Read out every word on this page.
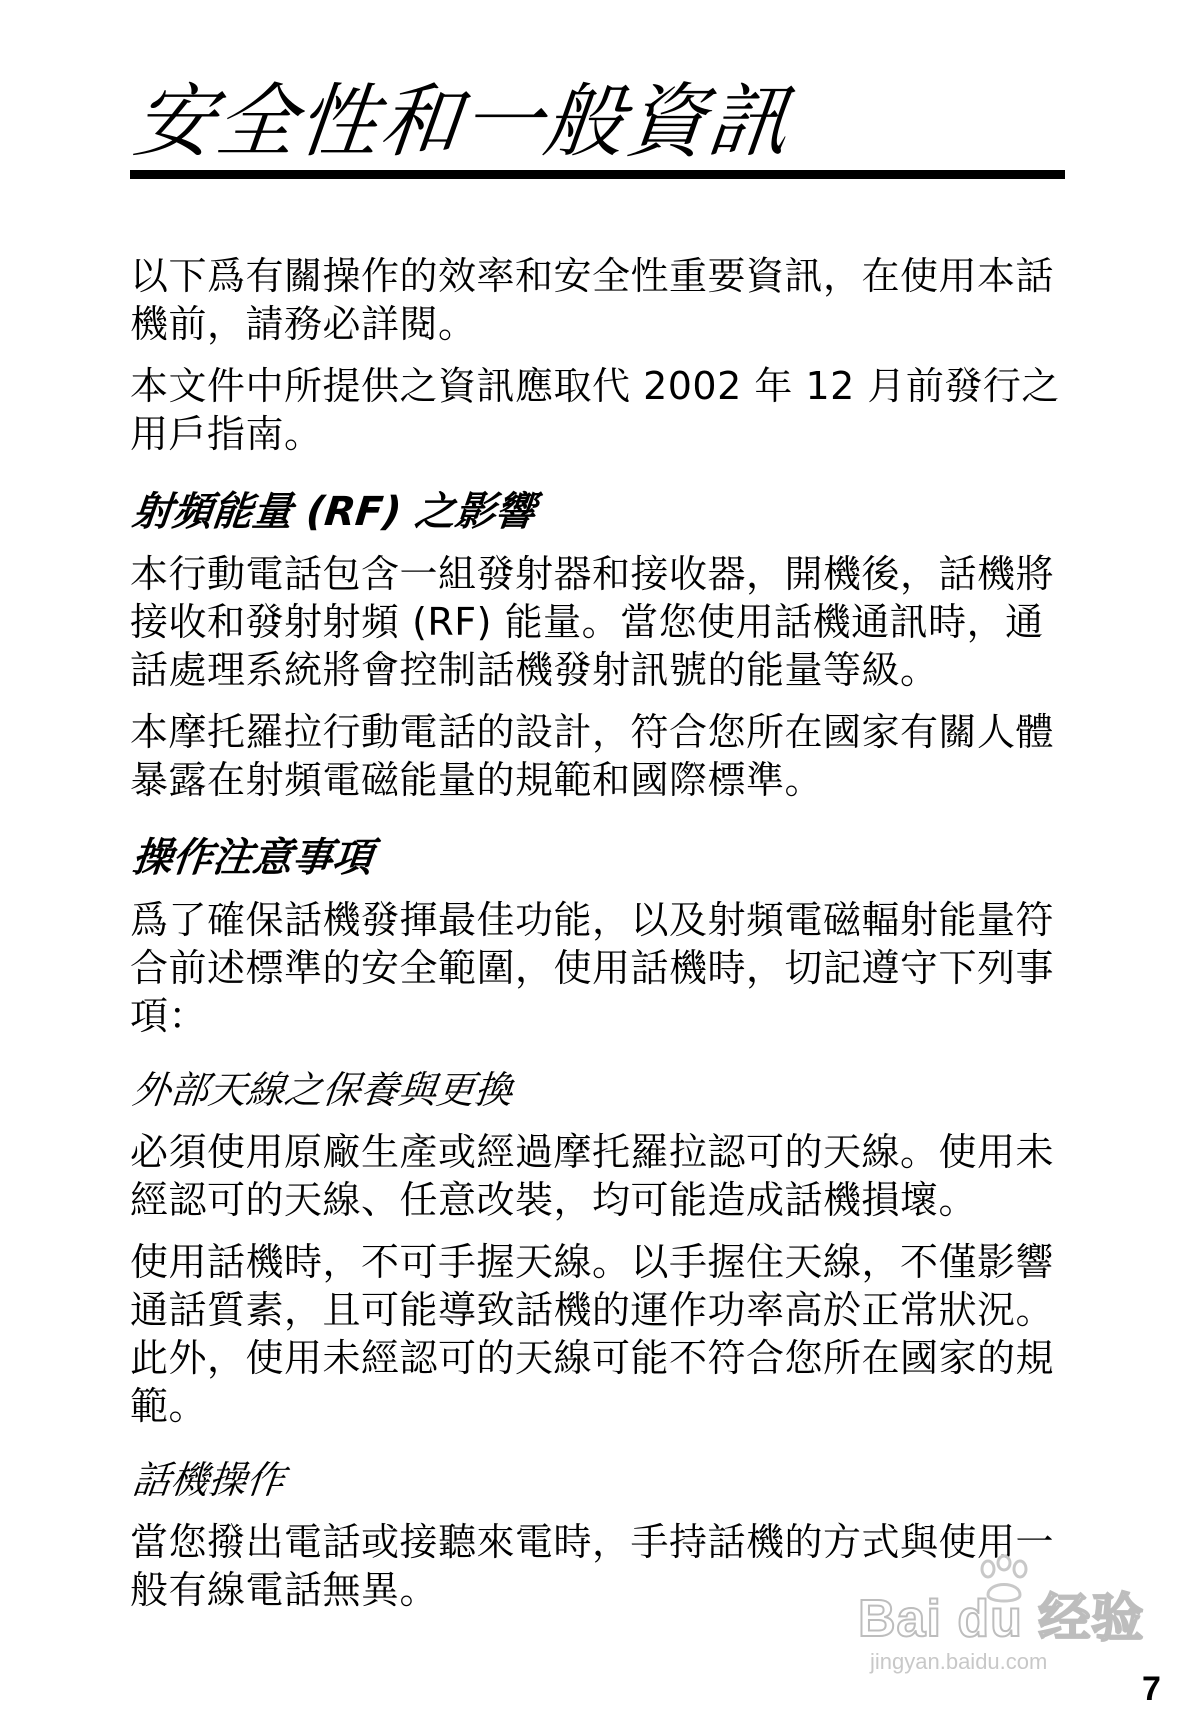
安全性和一般資訊

以下爲有關操作的效率和安全性重要資訊，在使用本話機前，請務必詳閱。

本文件中所提供之資訊應取代 2002 年 12 月前發行之用戶指南。

射頻能量 (RF) 之影響

本行動電話包含一組發射器和接收器，開機後，話機將接收和發射射頻 (RF) 能量。當您使用話機通訊時，通話處理系統將會控制話機發射訊號的能量等級。

本摩托羅拉行動電話的設計，符合您所在國家有關人體暴露在射頻電磁能量的規範和國際標準。

操作注意事項

爲了確保話機發揮最佳功能，以及射頻電磁輻射能量符合前述標準的安全範圍，使用話機時，切記遵守下列事項：

外部天線之保養與更換

必須使用原廠生產或經過摩托羅拉認可的天線。使用未經認可的天線、任意改裝，均可能造成話機損壞。

使用話機時，不可手握天線。以手握住天線，不僅影響通話質素，且可能導致話機的運作功率高於正常狀況。此外，使用未經認可的天線可能不符合您所在國家的規範。

話機操作

當您撥出電話或接聽來電時，手持話機的方式與使用一般有線電話無異。	Bai du 经验
jingyan.baidu.com
7
